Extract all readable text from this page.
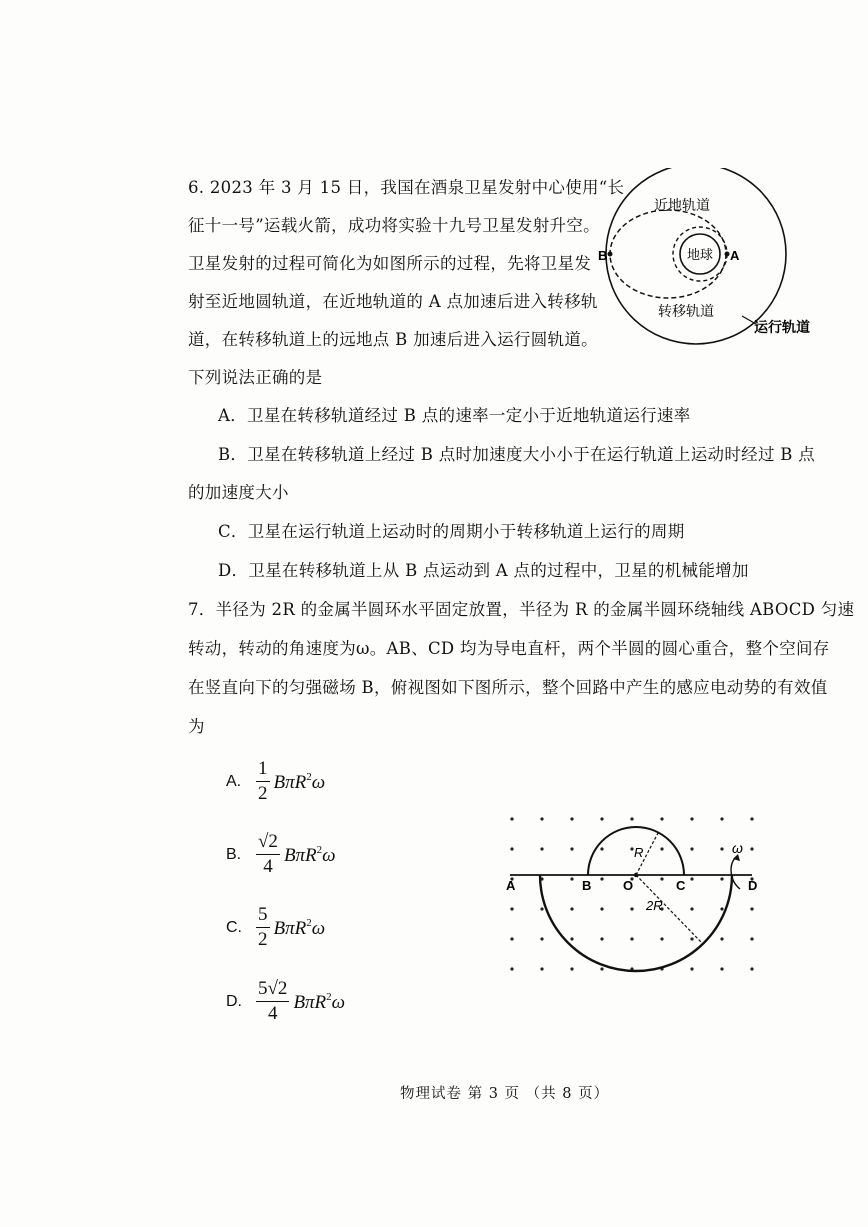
6. 2023 年 3 月 15 日，我国在酒泉卫星发射中心使用“长
征十一号”运载火箭，成功将实验十九号卫星发射升空。
卫星发射的过程可简化为如图所示的过程，先将卫星发
射至近地圆轨道，在近地轨道的 A 点加速后进入转移轨
道，在转移轨道上的远地点 B 加速后进入运行圆轨道。
下列说法正确的是
地球
近地轨道
转移轨道
运行轨道
B	A
A．卫星在转移轨道经过 B 点的速率一定小于近地轨道运行速率
B．卫星在转移轨道上经过 B 点时加速度大小小于在运行轨道上运动时经过 B 点
的加速度大小
C．卫星在运行轨道上运动时的周期小于转移轨道上运行的周期
D．卫星在转移轨道上从 B 点运动到 A 点的过程中，卫星的机械能增加
7．半径为 2R 的金属半圆环水平固定放置，半径为 R 的金属半圆环绕轴线 ABOCD 匀速
转动，转动的角速度为ω。AB、CD 均为导电直杆，两个半圆的圆心重合，整个空间存
在竖直向下的匀强磁场 B，俯视图如下图所示，整个回路中产生的感应电动势的有效值
为
A. $\frac{1}{2} B\pi R^2\omega$
B. $\frac{√2}{4} B\pi R^2\omega$
C. $\frac{5}{2} B\pi R^2\omega$
D. $\frac{5√2}{4} B\pi R^2\omega$
ω
A	B O	C	D
R
2R
物理试卷 第 3 页 （共 8 页）
